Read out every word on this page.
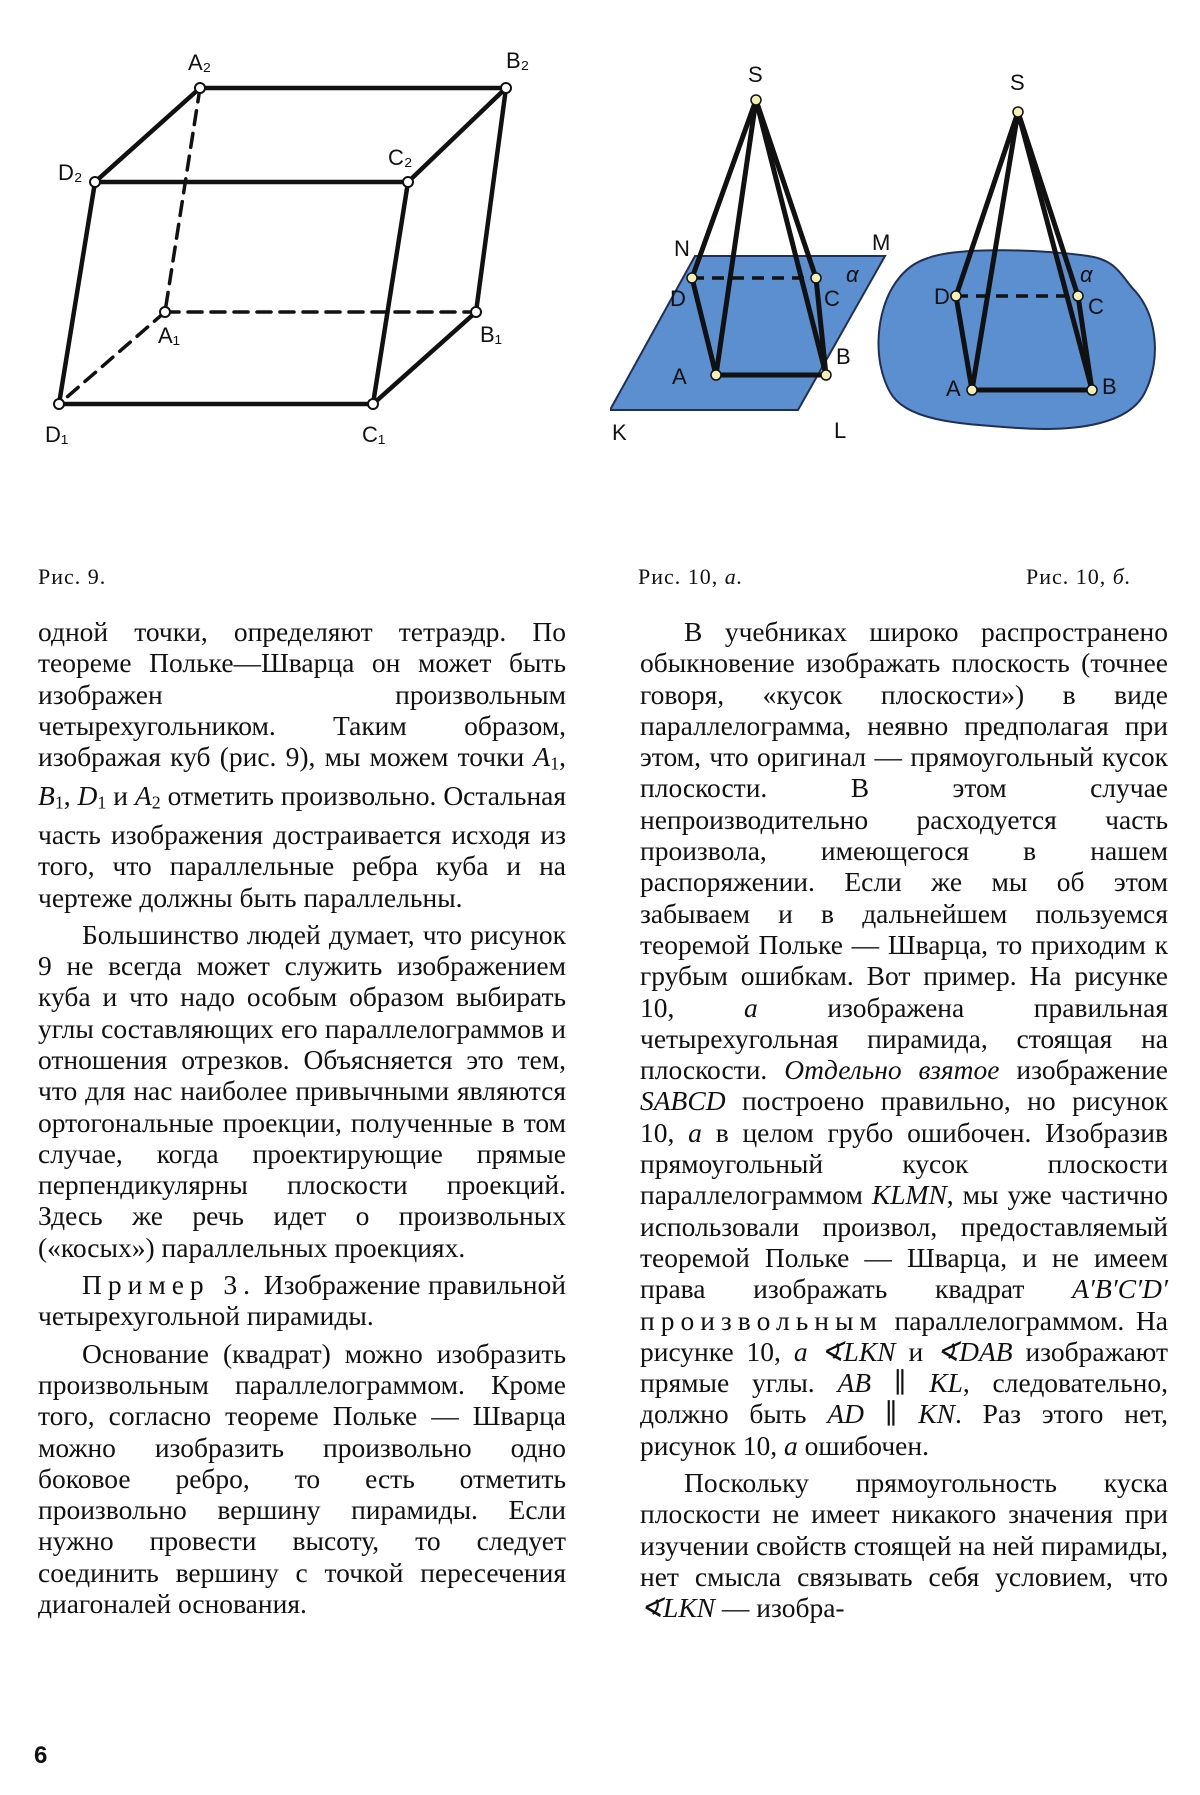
A₂	B₂
C₂
D₂
A₁	B₁
C₁
D₁
S
N	M
K	L
A
B
C
D
α
S
D	C
A	B
α
Рис. 9.	Рис. 10, а.	Рис. 10, б.

одной точки, определяют тетраэдр. По теореме Польке—Шварца он может быть изображен произвольным четырехугольником. Таким образом, изображая куб (рис. 9), мы можем точки $A_1$, $B_1$, $D_1$ и $A_2$ отметить произвольно. Остальная часть изображения достраивается исходя из того, что параллельные ребра куба и на чертеже должны быть параллельны.

Большинство людей думает, что рисунок 9 не всегда может служить изображением куба и что надо особым образом выбирать углы составляющих его параллелограммов и отношения отрезков. Объясняется это тем, что для нас наиболее привычными являются ортогональные проекции, полученные в том случае, когда проектирующие прямые перпендикулярны плоскости проекций. Здесь же речь идет о произвольных («косых») параллельных проекциях.

Пример 3. Изображение правильной четырехугольной пирамиды.

Основание (квадрат) можно изобразить произвольным параллелограммом. Кроме того, согласно теореме Польке — Шварца можно изобразить произвольно одно боковое ребро, то есть отметить произвольно вершину пирамиды. Если нужно провести высоту, то следует соединить вершину с точкой пересечения диагоналей основания.

В учебниках широко распространено обыкновение изображать плоскость (точнее говоря, «кусок плоскости») в виде параллелограмма, неявно предполагая при этом, что оригинал — прямоугольный кусок плоскости. В этом случае непроизводительно расходуется часть произвола, имеющегося в нашем распоряжении. Если же мы об этом забываем и в дальнейшем пользуемся теоремой Польке — Шварца, то приходим к грубым ошибкам. Вот пример. На рисунке 10,	а	изображена правильная четырехугольная пирамида, стоящая на плоскости. Отдельно взятое изображение SABCD построено правильно, но рисунок 10, а в целом грубо ошибочен. Изобразив прямоугольный кусок плоскости параллелограммом KLMN, мы уже частично использовали произвол, предоставляемый теоремой Польке — Шварца, и не имеем права изображать квадрат A′B′C′D′ произвольным параллелограммом. На рисунке 10, а ∢LKN и ∢DAB изображают прямые углы. AB ∥ KL, следовательно, должно быть AD ∥ KN. Раз этого нет, рисунок 10, а ошибочен.

Поскольку прямоугольность куска плоскости не имеет никакого значения при изучении свойств стоящей на ней пирамиды, нет смысла связывать себя условием, что ∢LKN — изобра-

6
